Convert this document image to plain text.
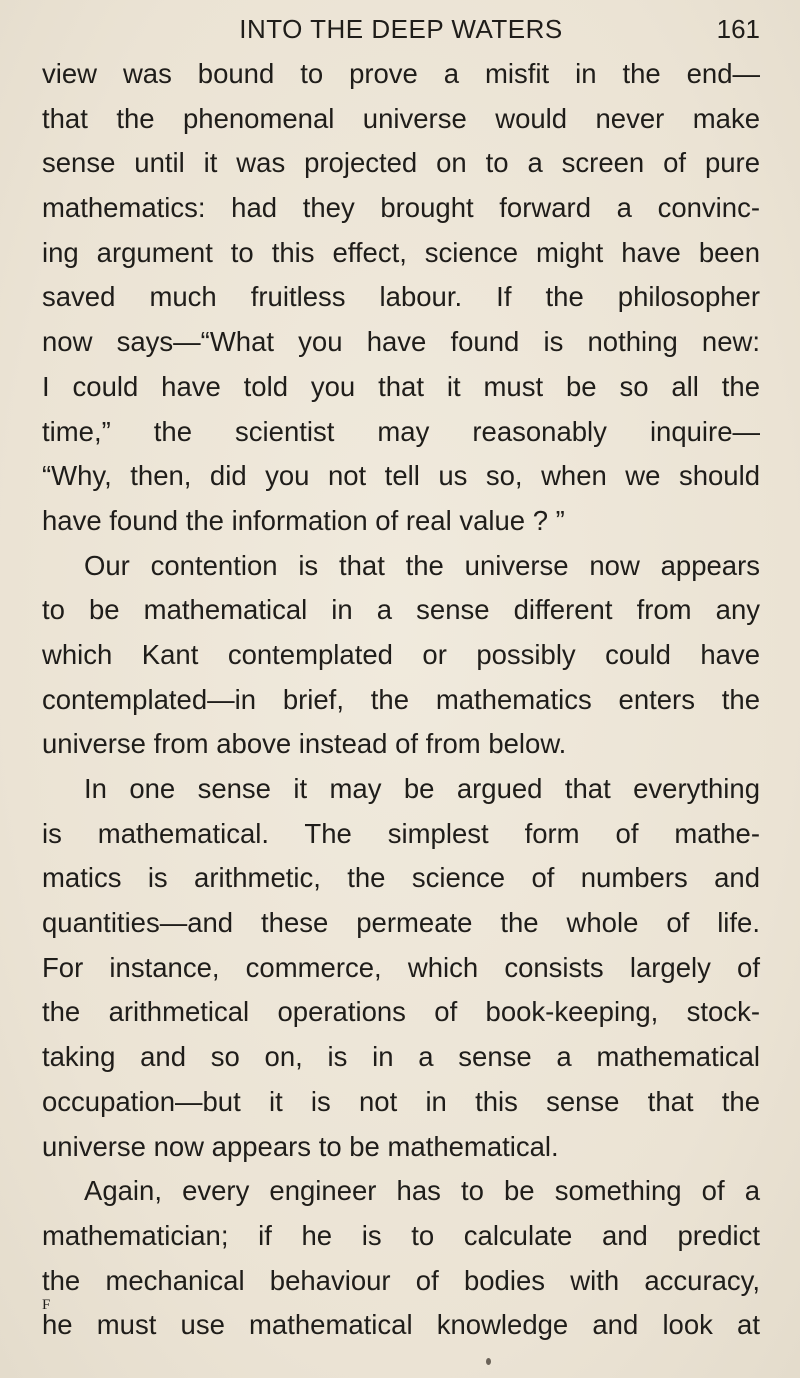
INTO THE DEEP WATERS	161
view was bound to prove a misfit in the end—
that the phenomenal universe would never make
sense until it was projected on to a screen of pure
mathematics: had they brought forward a convinc-
ing argument to this effect, science might have been
saved much fruitless labour. If the philosopher
now says—“What you have found is nothing new:
I could have told you that it must be so all the
time,” the scientist may reasonably inquire—
“Why, then, did you not tell us so, when we should
have found the information of real value ? ”
Our contention is that the universe now appears
to be mathematical in a sense different from any
which Kant contemplated or possibly could have
contemplated—in brief, the mathematics enters the
universe from above instead of from below.
In one sense it may be argued that everything
is mathematical. The simplest form of mathe-
matics is arithmetic, the science of numbers and
quantities—and these permeate the whole of life.
For instance, commerce, which consists largely of
the arithmetical operations of book-keeping, stock-
taking and so on, is in a sense a mathematical
occupation—but it is not in this sense that the
universe now appears to be mathematical.
Again, every engineer has to be something of a
mathematician; if he is to calculate and predict
the mechanical behaviour of bodies with accuracy,
he must use mathematical knowledge and look at
F
